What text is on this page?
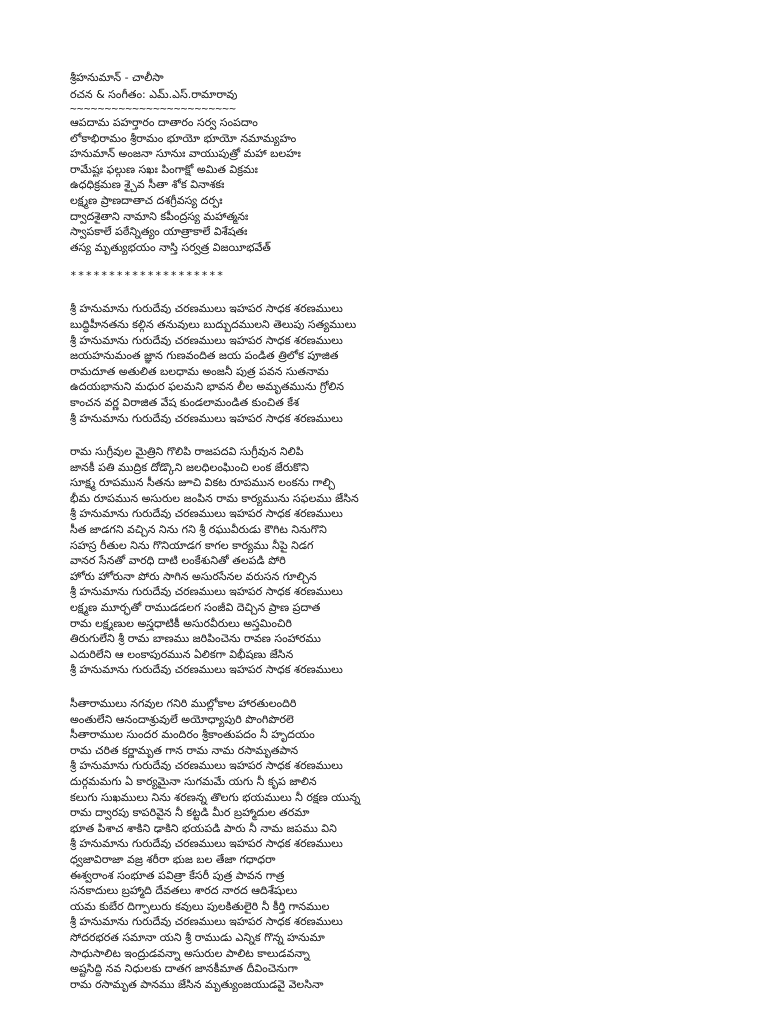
శ్రీహనుమాన్ - చాలీసా
రచన & సంగీతం: ఎమ్.ఎస్.రామారావు
~~~~~~~~~~~~~~~~~~~~~~~~
ఆపదామ పహర్తారం దాతారం సర్వ సంపదాం
లోకాభిరామం శ్రీరామం భూయో భూయో నమామ్యహం
హనుమాన్ అంజనా సూనుః వాయుపుత్రో మహా బలహః
రామేష్టః ఫల్గుణ సఖః పింగాక్షో అమిత విక్రమః
ఉధధిక్రమణ శ్చైవ సీతా శోక వినాశకః
లక్ష్మణ ప్రాణదాతాచ దశగ్రీవస్య దర్పః
ద్వాదశైతాని నామాని కపీంద్రస్య మహాత్మనః
స్వాపకాలే పఠేన్నిత్యం యాత్రాకాలే విశేషతః
తస్య మృత్యుభయం నాస్తి సర్వత్ర విజయీభవేత్
********************
శ్రీ హనుమాను గురుదేవు చరణములు ఇహపర సాధక శరణములు
బుద్ధిహీనతను కల్గిన తనువులు బుద్బుదములని తెలుపు సత్యములు
శ్రీ హనుమాను గురుదేవు చరణములు ఇహపర సాధక శరణములు
జయహనుమంత జ్ఞాన గుణవందిత జయ పండిత త్రిలోక పూజిత
రామదూత అతులిత బలధామ అంజనీ పుత్ర పవన సుతనామ
ఉదయభానుని మధుర ఫలమని భావన లీల అమృతమును గ్రోలిన
కాంచన వర్ణ విరాజిత వేష కుండలామండిత కుంచిత కేశ
శ్రీ హనుమాను గురుదేవు చరణములు ఇహపర సాధక శరణములు
రామ సుగ్రీవుల మైత్రిని గొలిపి రాజపదవి సుగ్రీవున నిలిపి
జానకీ పతి ముద్రిక దోడ్కొని జలధిలంఘించి లంక జేరుకొని
సూక్ష్మ రూపమున సీతను జూచి వికట రూపమున లంకను గాల్చి
భీమ రూపమున అసురుల జంపిన రామ కార్యమును సఫలము జేసిన
శ్రీ హనుమాను గురుదేవు చరణములు ఇహపర సాధక శరణములు
సీత జాడగని వచ్చిన నిను గని శ్రీ రఘువీరుడు కౌగిట నినుగొని
సహస్ర రీతుల నిను గొనియాడగ కాగల కార్యము నీపై నిడగ
వానర సేనతో వారధి దాటి లంకేశునితో తలపడి పోరి
హోరు హోరునా పోరు సాగిన అసురసేనల వరుసన గూల్చిన
శ్రీ హనుమాను గురుదేవు చరణములు ఇహపర సాధక శరణములు
లక్ష్మణ మూర్ఛతో రాముడడలగ సంజీవి దెచ్చిన ప్రాణ ప్రదాత
రామ లక్ష్మణుల అస్త్రధాటికీ అసురవీరులు అస్తమించిరి
తిరుగులేని శ్రీ రామ బాణము జరిపించెను రావణ సంహారము
ఎదురిలేని ఆ లంకాపురమున ఏలికగా విభీషణు జేసిన
శ్రీ హనుమాను గురుదేవు చరణములు ఇహపర సాధక శరణములు
సీతారాములు నగవుల గనిరి ముల్లోకాల హారతులందిరి
అంతులేని ఆనందాశ్రువులే అయోధ్యాపురి పొంగిపొరలె
సీతారాముల సుందర మందిరం శ్రీకాంతుపదం నీ హృదయం
రామ చరిత కర్ణామృత గాన రామ నామ రసామృతపాన
శ్రీ హనుమాను గురుదేవు చరణములు ఇహపర సాధక శరణములు
దుర్గమమగు ఏ కార్యమైనా సుగమమే యగు నీ కృప జాలిన
కలుగు సుఖములు నిను శరణన్న తొలగు భయములు నీ రక్షణ యున్న
రామ ద్వారపు కాపరివైన నీ కట్టడి మీర బ్రహ్మాదుల తరమా
భూత పిశాచ శాకిని ఢాకిని భయపడి పారు నీ నామ జపము విని
శ్రీ హనుమాను గురుదేవు చరణములు ఇహపర సాధక శరణములు
ధ్వజావిరాజా వజ్ర శరీరా భుజ బల తేజా గధాధరా
ఈశ్వరాంశ సంభూత పవిత్రా కేసరీ పుత్ర పావన గాత్ర
సనకాదులు బ్రహ్మాది దేవతలు శారద నారద ఆదిశేషులు
యమ కుబేర దిగ్పాలురు కవులు పులకితులైరి నీ కీర్తి గానముల
శ్రీ హనుమాను గురుదేవు చరణములు ఇహపర సాధక శరణములు
సోదరభరత సమానా యని శ్రీ రాముడు ఎన్నిక గొన్న హనుమా
సాధుసాలిట ఇంద్రుడవన్నా అసురుల పాలిట కాలుడవన్నా
అష్టసిద్ది నవ నిధులకు దాతగ జానకీమాత దీవించెనుగా
రామ రసామృత పానము జేసిన మృత్యుంజయుడవై వెలసినా
